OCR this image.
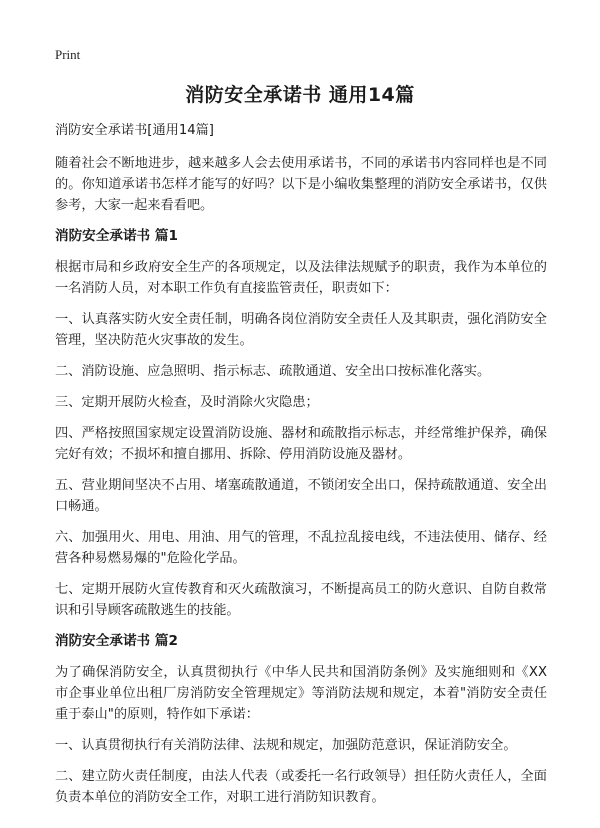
Print
消防安全承诺书 通用14篇

消防安全承诺书[通用14篇]

随着社会不断地进步，越来越多人会去使用承诺书，不同的承诺书内容同样也是不同的。你知道承诺书怎样才能写的好吗？以下是小编收集整理的消防安全承诺书，仅供参考，大家一起来看看吧。

消防安全承诺书 篇1

根据市局和乡政府安全生产的各项规定，以及法律法规赋予的职责，我作为本单位的一名消防人员，对本职工作负有直接监管责任，职责如下：

一、认真落实防火安全责任制，明确各岗位消防安全责任人及其职责，强化消防安全管理，坚决防范火灾事故的发生。

二、消防设施、应急照明、指示标志、疏散通道、安全出口按标准化落实。

三、定期开展防火检查，及时消除火灾隐患；

四、严格按照国家规定设置消防设施、器材和疏散指示标志，并经常维护保养，确保完好有效；不损坏和擅自挪用、拆除、停用消防设施及器材。

五、营业期间坚决不占用、堵塞疏散通道，不锁闭安全出口，保持疏散通道、安全出口畅通。

六、加强用火、用电、用油、用气的管理，不乱拉乱接电线，不违法使用、储存、经营各种易燃易爆的"危险化学品。

七、定期开展防火宣传教育和灭火疏散演习，不断提高员工的防火意识、自防自救常识和引导顾客疏散逃生的技能。

消防安全承诺书 篇2

为了确保消防安全，认真贯彻执行《中华人民共和国消防条例》及实施细则和《XX市企事业单位出租厂房消防安全管理规定》等消防法规和规定，本着"消防安全责任重于泰山"的原则，特作如下承诺：

一、认真贯彻执行有关消防法律、法规和规定，加强防范意识，保证消防安全。

二、建立防火责任制度，由法人代表（或委托一名行政领导）担任防火责任人，全面负责本单位的消防安全工作，对职工进行消防知识教育。
